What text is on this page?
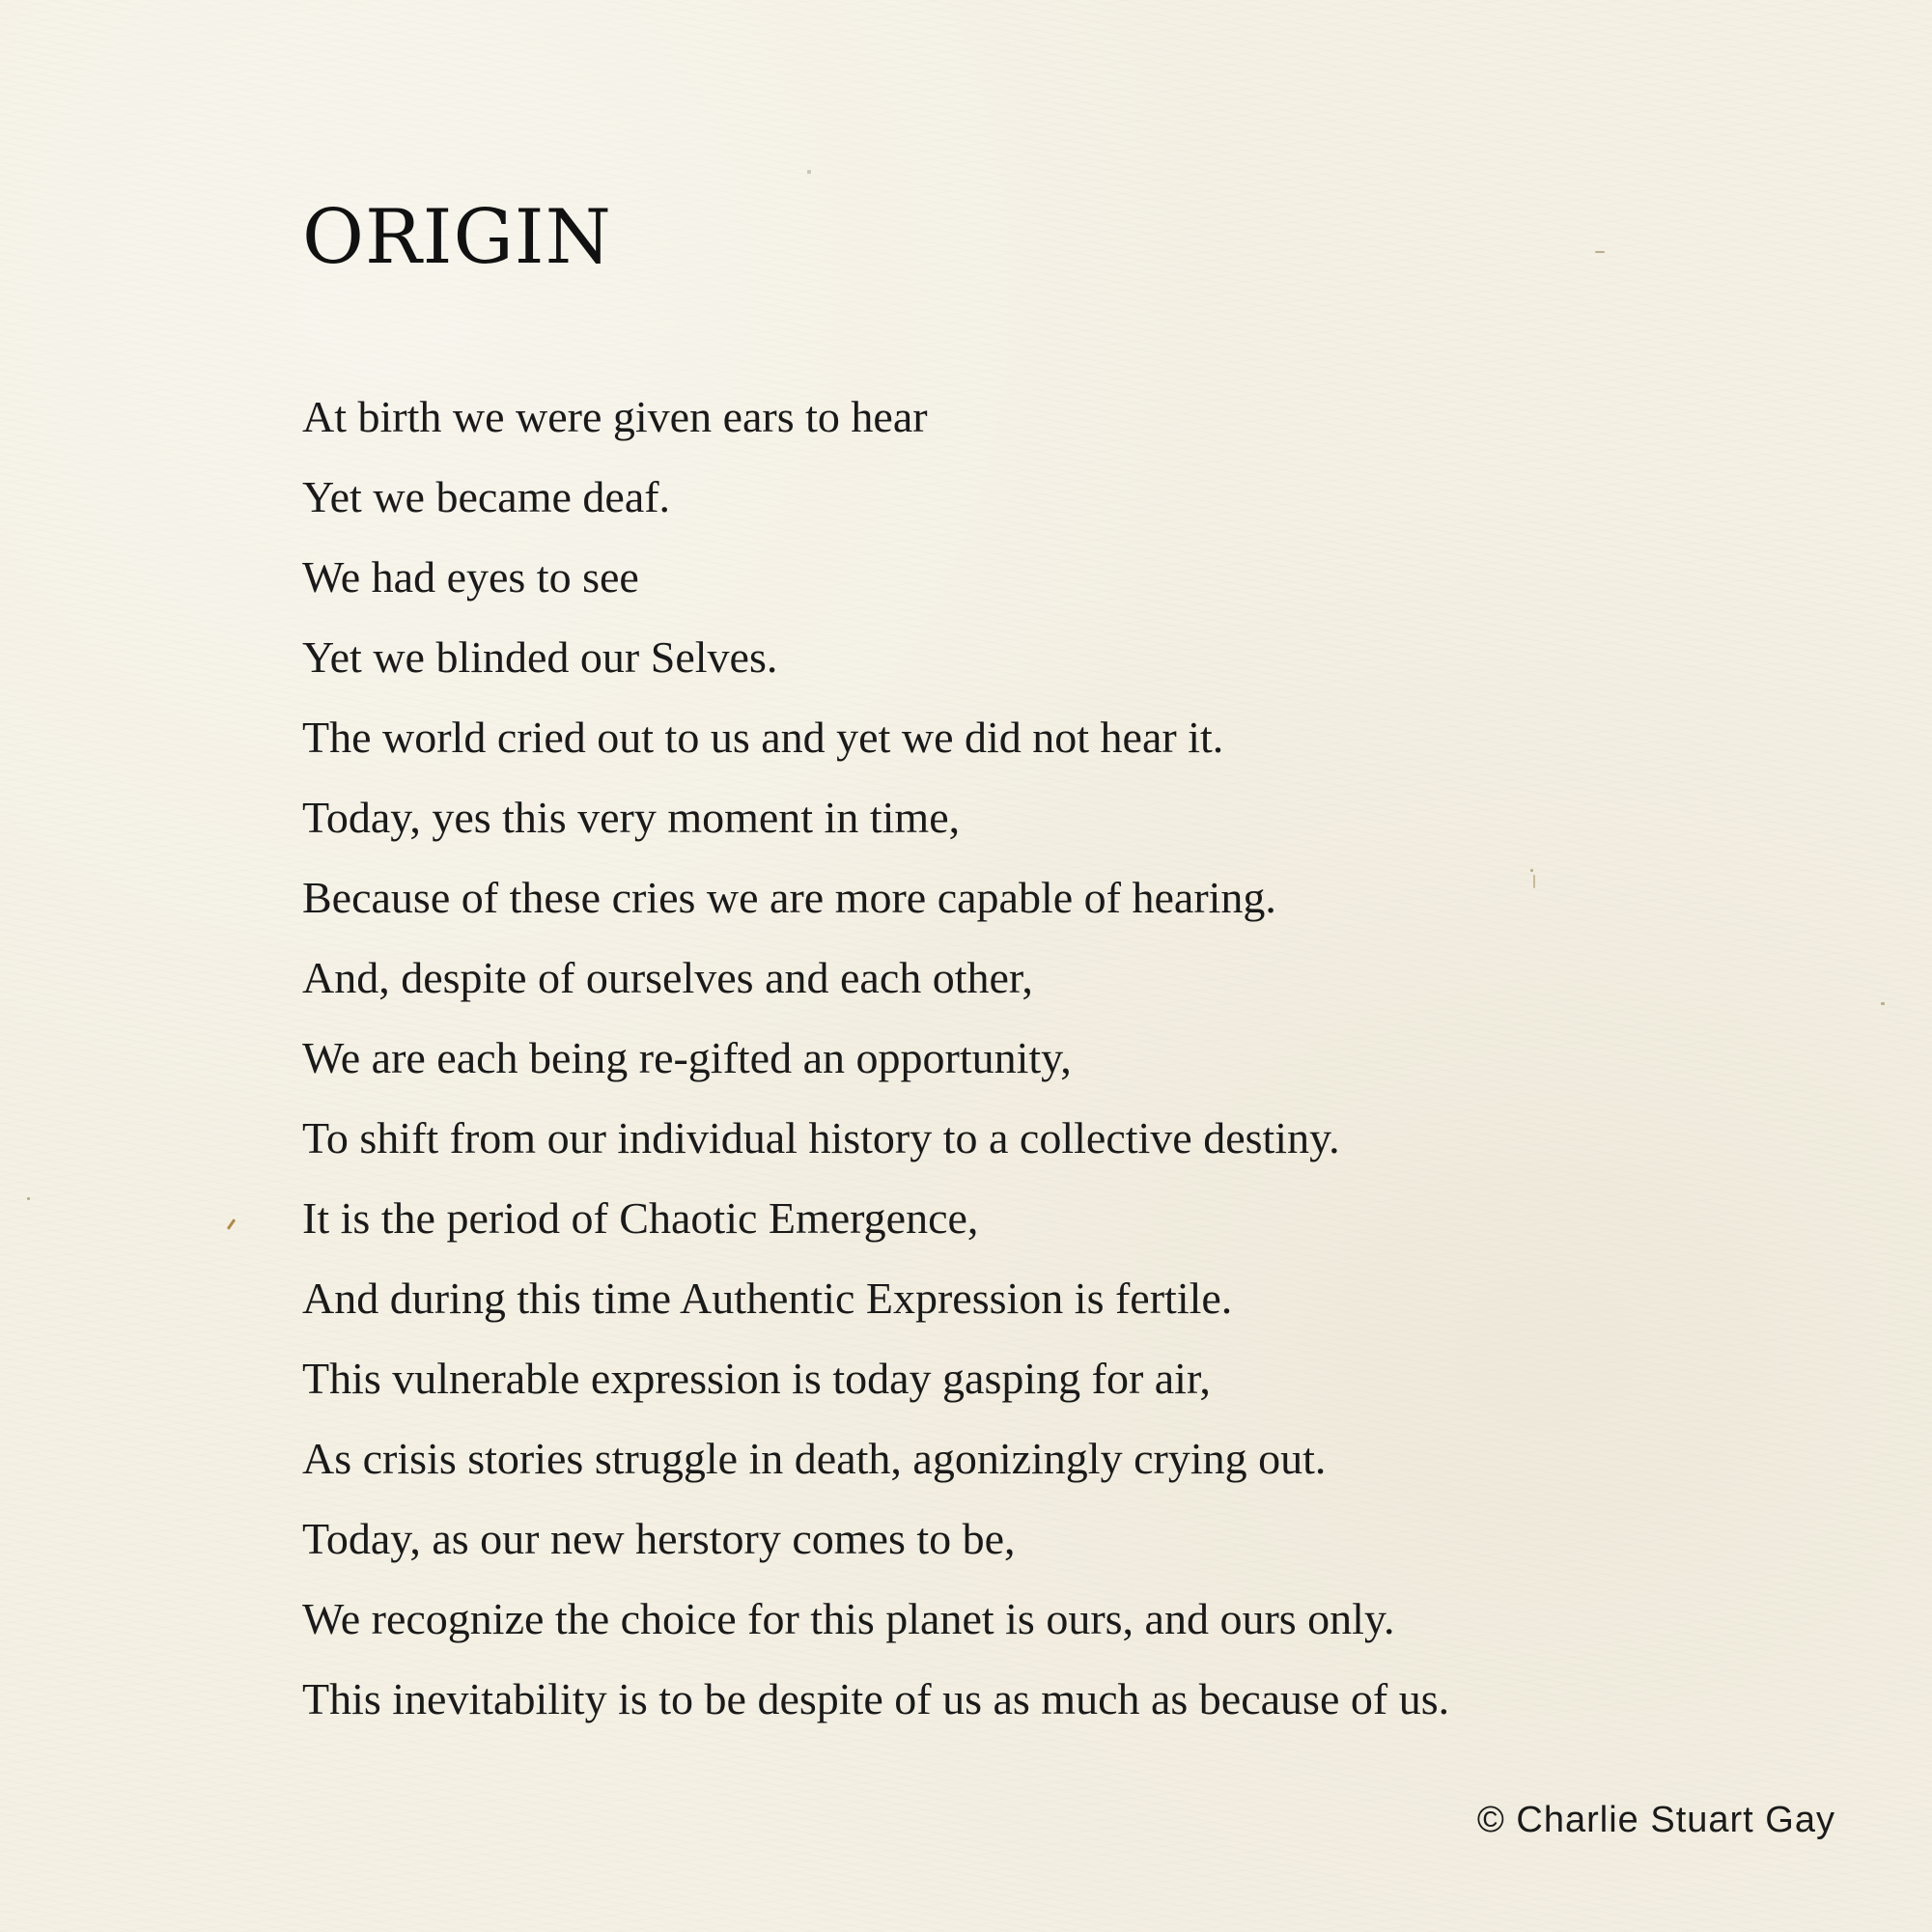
ORIGIN
At birth we were given ears to hear
Yet we became deaf.
We had eyes to see
Yet we blinded our Selves.
The world cried out to us and yet we did not hear it.
Today, yes this very moment in time,
Because of these cries we are more capable of hearing.
And, despite of ourselves and each other,
We are each being re-gifted an opportunity,
To shift from our individual history to a collective destiny.
It is the period of Chaotic Emergence,
And during this time Authentic Expression is fertile.
This vulnerable expression is today gasping for air,
As crisis stories struggle in death, agonizingly crying out.
Today, as our new herstory comes to be,
We recognize the choice for this planet is ours, and ours only.
This inevitability is to be despite of us as much as because of us.
© Charlie Stuart Gay
